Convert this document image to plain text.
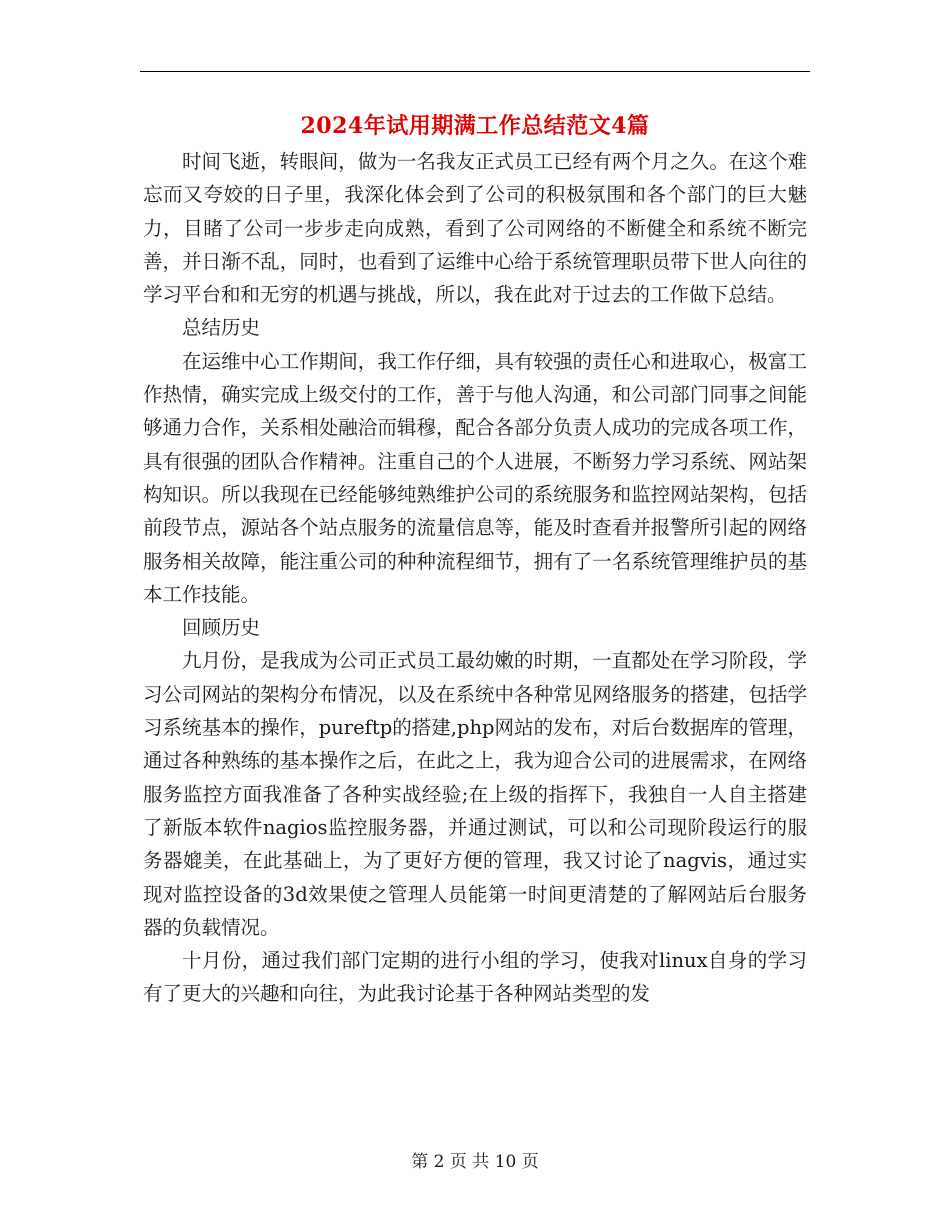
2024年试用期满工作总结范文4篇

时间飞逝，转眼间，做为一名我友正式员工已经有两个月之久。在这个难忘而又夸姣的日子里，我深化体会到了公司的积极氛围和各个部门的巨大魅力，目睹了公司一步步走向成熟，看到了公司网络的不断健全和系统不断完善，并日渐不乱，同时，也看到了运维中心给于系统管理职员带下世人向往的学习平台和和无穷的机遇与挑战，所以，我在此对于过去的工作做下总结。

总结历史

在运维中心工作期间，我工作仔细，具有较强的责任心和进取心，极富工作热情，确实完成上级交付的工作，善于与他人沟通，和公司部门同事之间能够通力合作，关系相处融洽而辑穆，配合各部分负责人成功的完成各项工作，具有很强的团队合作精神。注重自己的个人进展，不断努力学习系统、网站架构知识。所以我现在已经能够纯熟维护公司的系统服务和监控网站架构，包括前段节点，源站各个站点服务的流量信息等，能及时查看并报警所引起的网络服务相关故障，能注重公司的种种流程细节，拥有了一名系统管理维护员的基本工作技能。

回顾历史

九月份，是我成为公司正式员工最幼嫩的时期，一直都处在学习阶段，学习公司网站的架构分布情况，以及在系统中各种常见网络服务的搭建，包括学习系统基本的操作，pureftp的搭建,php网站的发布，对后台数据库的管理，通过各种熟练的基本操作之后，在此之上，我为迎合公司的进展需求，在网络服务监控方面我准备了各种实战经验;在上级的指挥下，我独自一人自主搭建了新版本软件nagios监控服务器，并通过测试，可以和公司现阶段运行的服务器媲美，在此基础上，为了更好方便的管理，我又讨论了nagvis，通过实现对监控设备的3d效果使之管理人员能第一时间更清楚的了解网站后台服务器的负载情况。

十月份，通过我们部门定期的进行小组的学习，使我对linux自身的学习有了更大的兴趣和向往，为此我讨论基于各种网站类型的发

第 2 页 共 10 页
